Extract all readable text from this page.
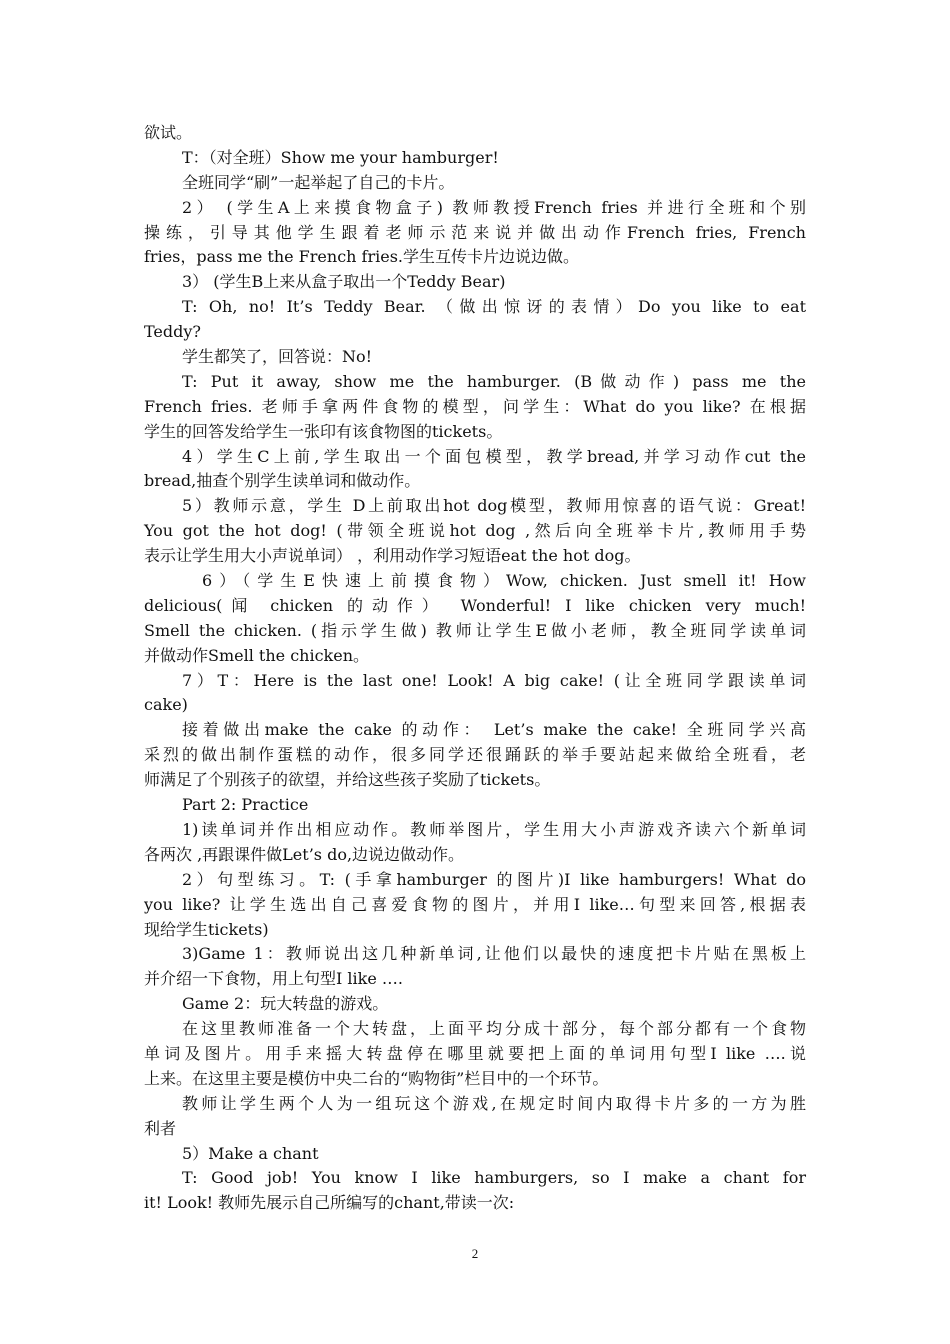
欲试。
T：（对全班）Show me your hamburger!
全班同学“刷”一起举起了自己的卡片。
2） (学生A上来摸食物盒子) 教师教授French fries 并进行全班和个别
操练，引导其他学生跟着老师示范来说并做出动作French fries, French
fries，pass me the French fries.学生互传卡片边说边做。
3） (学生B上来从盒子取出一个Teddy Bear)
T: Oh, no! It’s Teddy Bear. （做出惊讶的表情）Do you like to eat
Teddy?
学生都笑了，回答说：No!
T: Put it away, show me the hamburger. (B做动作) pass me the
French fries. 老师手拿两件食物的模型，问学生：What do you like? 在根据
学生的回答发给学生一张印有该食物图的tickets。
4）学生C上前,学生取出一个面包模型，教学bread,并学习动作cut the
bread,抽查个别学生读单词和做动作。
5）教师示意，学生 D上前取出hot dog模型，教师用惊喜的语气说：Great!
You got the hot dog! (带领全班说hot dog ,然后向全班举卡片,教师用手势
表示让学生用大小声说单词） ，利用动作学习短语eat the hot dog。
6）（学生E快速上前摸食物）Wow, chicken. Just smell it! How
delicious(闻 chicken 的动作） Wonderful! I like chicken very much!
Smell the chicken. (指示学生做) 教师让学生E做小老师，教全班同学读单词
并做动作Smell the chicken。
7）T：Here is the last one! Look! A big cake! (让全班同学跟读单词
cake)
接着做出make the cake 的动作： Let’s make the cake! 全班同学兴高
采烈的做出制作蛋糕的动作，很多同学还很踊跃的举手要站起来做给全班看，老
师满足了个别孩子的欲望，并给这些孩子奖励了tickets。
Part 2: Practice
1)读单词并作出相应动作。教师举图片，学生用大小声游戏齐读六个新单词
各两次 ,再跟课件做Let’s do,边说边做动作。
2）句型练习。T: (手拿hamburger 的图片)I like hamburgers! What do
you like? 让学生选出自己喜爱食物的图片，并用I like…句型来回答,根据表
现给学生tickets)
3)Game 1：教师说出这几种新单词,让他们以最快的速度把卡片贴在黑板上
并介绍一下食物，用上句型I like ….
Game 2：玩大转盘的游戏。
在这里教师准备一个大转盘，上面平均分成十部分，每个部分都有一个食物
单词及图片。用手来摇大转盘停在哪里就要把上面的单词用句型I like ….说
上来。在这里主要是模仿中央二台的“购物街”栏目中的一个环节。
教师让学生两个人为一组玩这个游戏,在规定时间内取得卡片多的一方为胜
利者
5）Make a chant
T: Good job! You know I like hamburgers, so I make a chant for
it! Look! 教师先展示自己所编写的chant,带读一次:
2
